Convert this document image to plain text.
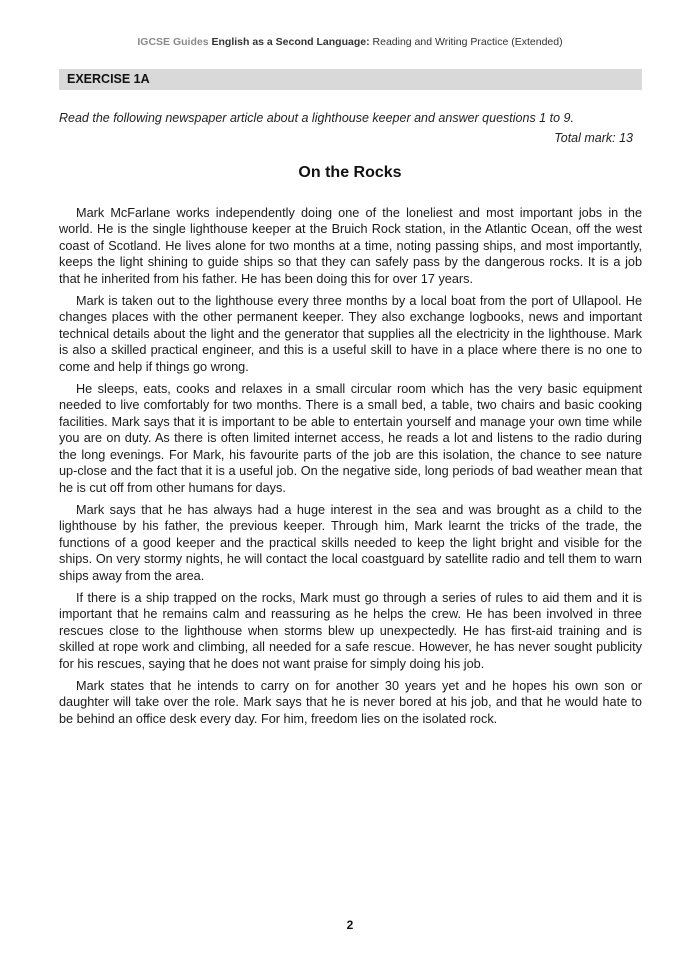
IGCSE Guides English as a Second Language: Reading and Writing Practice (Extended)
EXERCISE 1A
Read the following newspaper article about a lighthouse keeper and answer questions 1 to 9.
Total mark: 13
On the Rocks

Mark McFarlane works independently doing one of the loneliest and most important jobs in the world. He is the single lighthouse keeper at the Bruich Rock station, in the Atlantic Ocean, off the west coast of Scotland. He lives alone for two months at a time, noting passing ships, and most importantly, keeps the light shining to guide ships so that they can safely pass by the dangerous rocks. It is a job that he inherited from his father. He has been doing this for over 17 years.

Mark is taken out to the lighthouse every three months by a local boat from the port of Ullapool. He changes places with the other permanent keeper. They also exchange logbooks, news and important technical details about the light and the generator that supplies all the electricity in the lighthouse. Mark is also a skilled practical engineer, and this is a useful skill to have in a place where there is no one to come and help if things go wrong.

He sleeps, eats, cooks and relaxes in a small circular room which has the very basic equipment needed to live comfortably for two months. There is a small bed, a table, two chairs and basic cooking facilities. Mark says that it is important to be able to entertain yourself and manage your own time while you are on duty. As there is often limited internet access, he reads a lot and listens to the radio during the long evenings. For Mark, his favourite parts of the job are this isolation, the chance to see nature up-close and the fact that it is a useful job. On the negative side, long periods of bad weather mean that he is cut off from other humans for days.

Mark says that he has always had a huge interest in the sea and was brought as a child to the lighthouse by his father, the previous keeper. Through him, Mark learnt the tricks of the trade, the functions of a good keeper and the practical skills needed to keep the light bright and visible for the ships. On very stormy nights, he will contact the local coastguard by satellite radio and tell them to warn ships away from the area.

If there is a ship trapped on the rocks, Mark must go through a series of rules to aid them and it is important that he remains calm and reassuring as he helps the crew. He has been involved in three rescues close to the lighthouse when storms blew up unexpectedly. He has first-aid training and is skilled at rope work and climbing, all needed for a safe rescue. However, he has never sought publicity for his rescues, saying that he does not want praise for simply doing his job.

Mark states that he intends to carry on for another 30 years yet and he hopes his own son or daughter will take over the role. Mark says that he is never bored at his job, and that he would hate to be behind an office desk every day. For him, freedom lies on the isolated rock.

2
